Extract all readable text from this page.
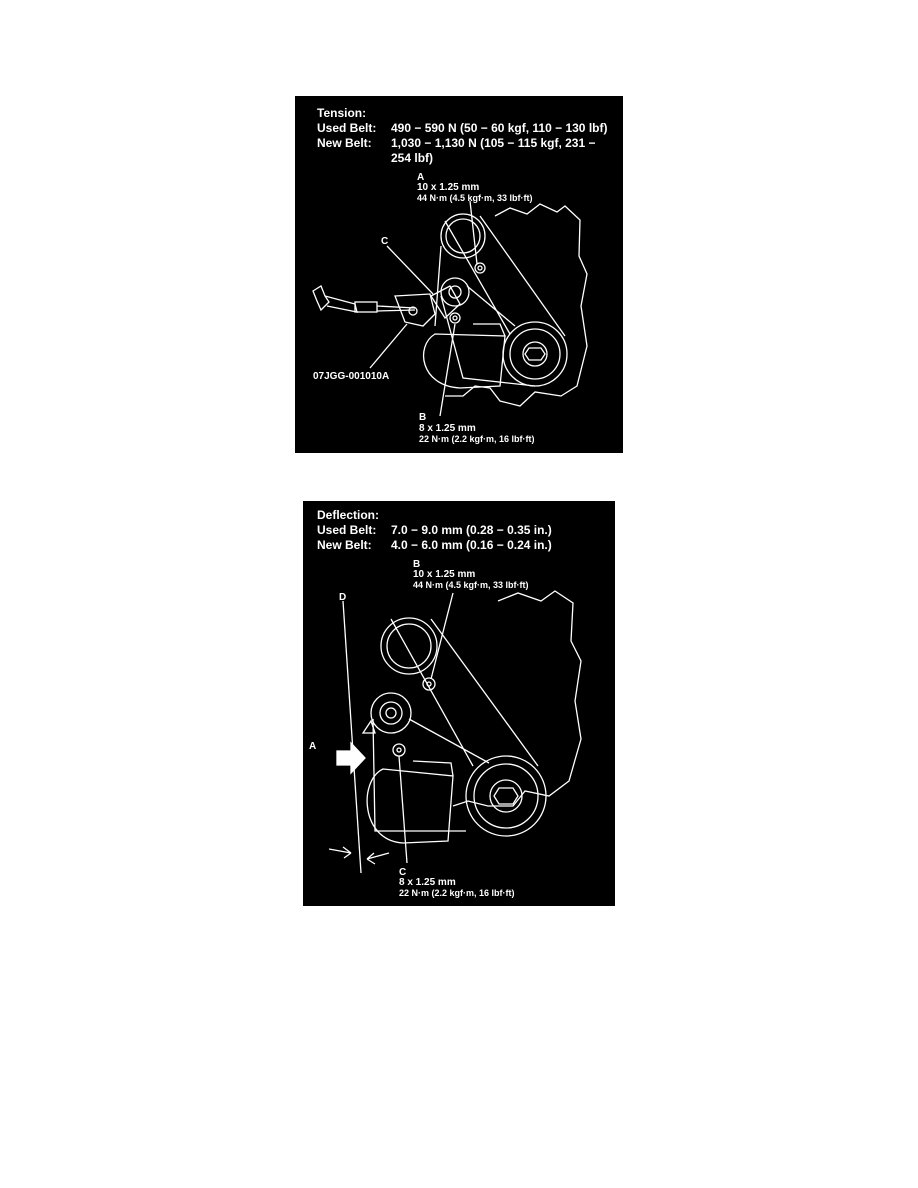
Tension:
Used Belt: 490 − 590 N (50 − 60 kgf, 110 − 130 lbf)
New Belt: 1,030 − 1,130 N (105 − 115 kgf, 231 −
254 lbf)
A
10 x 1.25 mm
44 N·m (4.5 kgf·m, 33 lbf·ft)
C
07JGG-001010A
B
8 x 1.25 mm
22 N·m (2.2 kgf·m, 16 lbf·ft)
Deflection:
Used Belt: 7.0 − 9.0 mm (0.28 − 0.35 in.)
New Belt: 4.0 − 6.0 mm (0.16 − 0.24 in.)
B
10 x 1.25 mm
44 N·m (4.5 kgf·m, 33 lbf·ft)
D
A
C
8 x 1.25 mm
22 N·m (2.2 kgf·m, 16 lbf·ft)
